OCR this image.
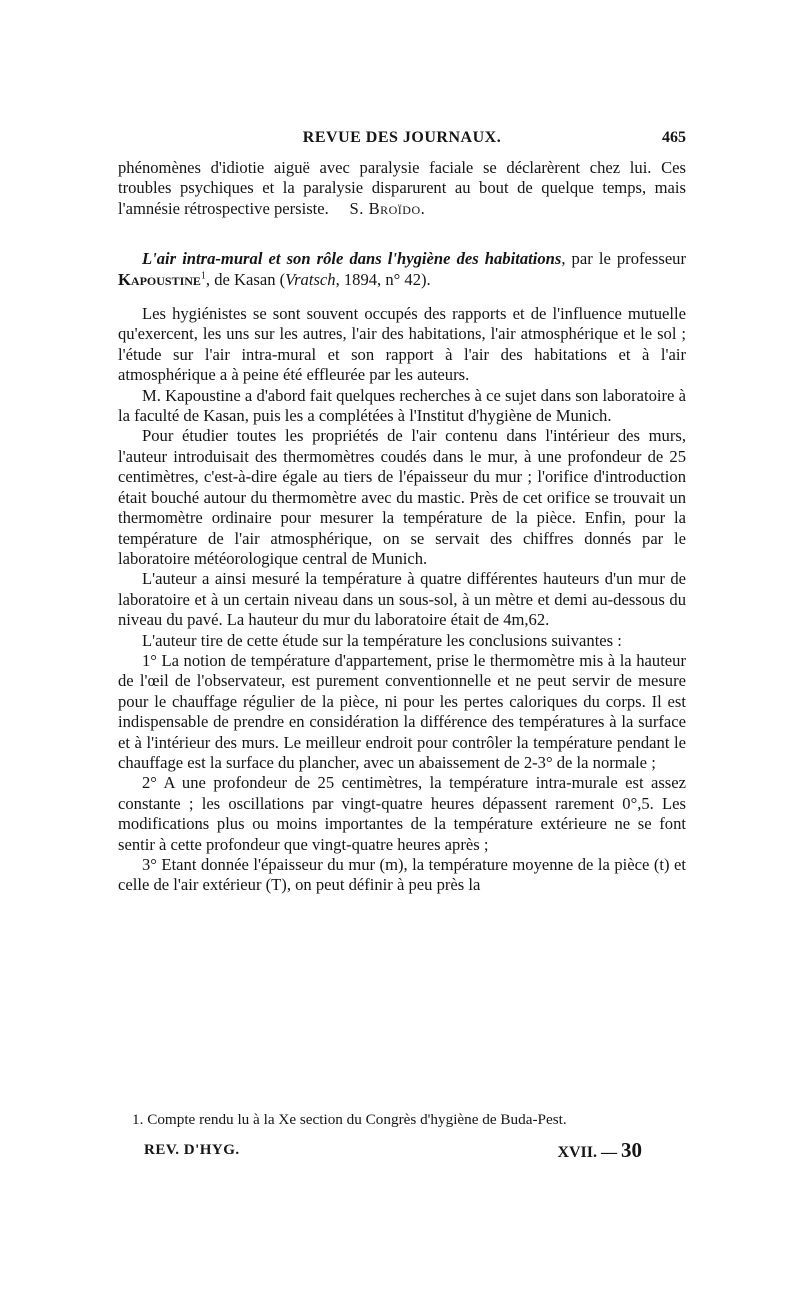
REVUE DES JOURNAUX.	465

phénomènes d'idiotie aiguë avec paralysie faciale se déclarèrent chez lui. Ces troubles psychiques et la paralysie disparurent au bout de quelque temps, mais l'amnésie rétrospective persiste. S. Broïdo.

L'air intra-mural et son rôle dans l'hygiène des habitations, par le professeur Kapoustine$^1$, de Kasan (Vratsch, 1894, n° 42).

Les hygiénistes se sont souvent occupés des rapports et de l'influence mutuelle qu'exercent, les uns sur les autres, l'air des habitations, l'air atmosphérique et le sol ; l'étude sur l'air intra-mural et son rapport à l'air des habitations et à l'air atmosphérique a à peine été effleurée par les auteurs.

M. Kapoustine a d'abord fait quelques recherches à ce sujet dans son laboratoire à la faculté de Kasan, puis les a complétées à l'Institut d'hygiène de Munich.

Pour étudier toutes les propriétés de l'air contenu dans l'intérieur des murs, l'auteur introduisait des thermomètres coudés dans le mur, à une profondeur de 25 centimètres, c'est-à-dire égale au tiers de l'épaisseur du mur ; l'orifice d'introduction était bouché autour du thermomètre avec du mastic. Près de cet orifice se trouvait un thermomètre ordinaire pour mesurer la température de la pièce. Enfin, pour la température de l'air atmosphérique, on se servait des chiffres donnés par le laboratoire météorologique central de Munich.

L'auteur a ainsi mesuré la température à quatre différentes hauteurs d'un mur de laboratoire et à un certain niveau dans un sous-sol, à un mètre et demi au-dessous du niveau du pavé. La hauteur du mur du laboratoire était de 4m,62.

L'auteur tire de cette étude sur la température les conclusions suivantes :

1° La notion de température d'appartement, prise le thermomètre mis à la hauteur de l'œil de l'observateur, est purement conventionnelle et ne peut servir de mesure pour le chauffage régulier de la pièce, ni pour les pertes caloriques du corps. Il est indispensable de prendre en considération la différence des températures à la surface et à l'intérieur des murs. Le meilleur endroit pour contrôler la température pendant le chauffage est la surface du plancher, avec un abaissement de 2-3° de la normale ;

2° A une profondeur de 25 centimètres, la température intra-murale est assez constante ; les oscillations par vingt-quatre heures dépassent rarement 0°,5. Les modifications plus ou moins importantes de la température extérieure ne se font sentir à cette profondeur que vingt-quatre heures après ;

3° Etant donnée l'épaisseur du mur (m), la température moyenne de la pièce (t) et celle de l'air extérieur (T), on peut définir à peu près la

1. Compte rendu lu à la Xe section du Congrès d'hygiène de Buda-Pest.
REV. D'HYG.	XVII. — 30
